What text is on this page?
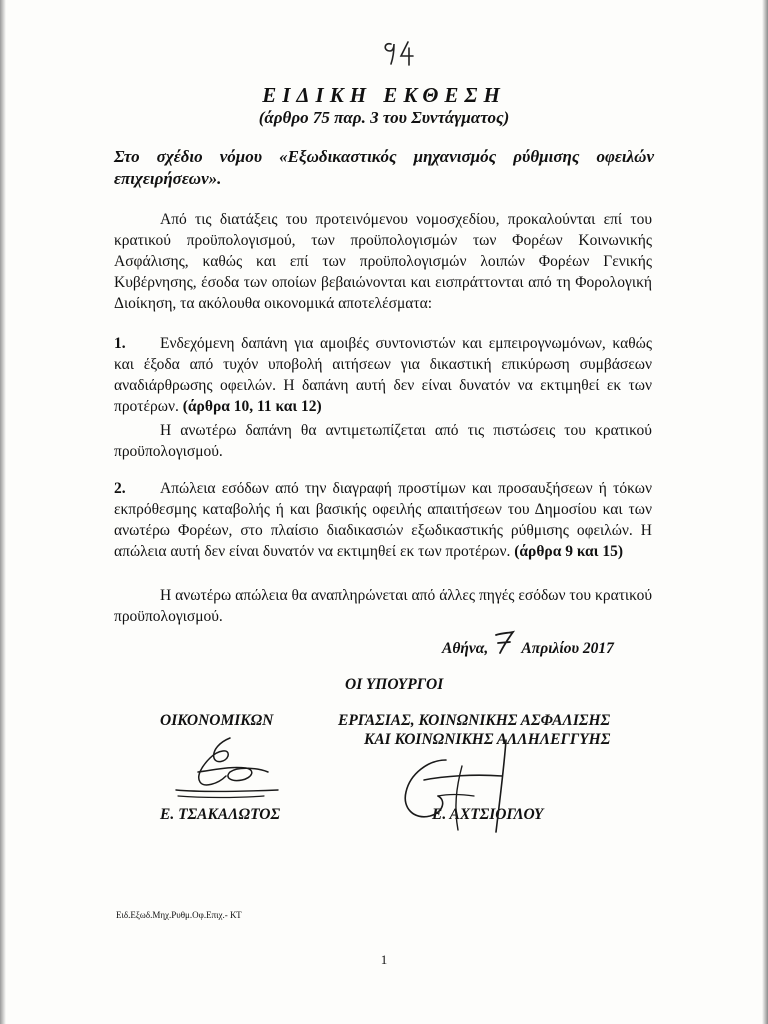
ΕΙΔΙΚΗ ΕΚΘΕΣΗ
(άρθρο 75 παρ. 3 του Συντάγματος)
Στο σχέδιο νόμου «Εξωδικαστικός μηχανισμός ρύθμισης οφειλών επιχειρήσεων».
Από τις διατάξεις του προτεινόμενου νομοσχεδίου, προκαλούνται επί του κρατικού προϋπολογισμού, των προϋπολογισμών των Φορέων Κοινωνικής Ασφάλισης, καθώς και επί των προϋπολογισμών λοιπών Φορέων Γενικής Κυβέρνησης, έσοδα των οποίων βεβαιώνονται και εισπράττονται από τη Φορολογική Διοίκηση, τα ακόλουθα οικονομικά αποτελέσματα:
1. Ενδεχόμενη δαπάνη για αμοιβές συντονιστών και εμπειρογνωμόνων, καθώς και έξοδα από τυχόν υποβολή αιτήσεων για δικαστική επικύρωση συμβάσεων αναδιάρθρωσης οφειλών. Η δαπάνη αυτή δεν είναι δυνατόν να εκτιμηθεί εκ των προτέρων. (άρθρα 10, 11 και 12)
Η ανωτέρω δαπάνη θα αντιμετωπίζεται από τις πιστώσεις του κρατικού προϋπολογισμού.
2. Απώλεια εσόδων από την διαγραφή προστίμων και προσαυξήσεων ή τόκων εκπρόθεσμης καταβολής ή και βασικής οφειλής απαιτήσεων του Δημοσίου και των ανωτέρω Φορέων, στο πλαίσιο διαδικασιών εξωδικαστικής ρύθμισης οφειλών. Η απώλεια αυτή δεν είναι δυνατόν να εκτιμηθεί εκ των προτέρων. (άρθρα 9 και 15)
Η ανωτέρω απώλεια θα αναπληρώνεται από άλλες πηγές εσόδων του κρατικού προϋπολογισμού.
Αθήνα, Απριλίου 2017
ΟΙ ΥΠΟΥΡΓΟΙ
ΟΙΚΟΝΟΜΙΚΩΝ
Ε. ΤΣΑΚΑΛΩΤΟΣ
ΕΡΓΑΣΙΑΣ, ΚΟΙΝΩΝΙΚΗΣ ΑΣΦΑΛΙΣΗΣ
ΚΑΙ ΚΟΙΝΩΝΙΚΗΣ ΑΛΛΗΛΕΓΓΥΗΣ
Ε. ΑΧΤΣΙΟΓΛΟΥ
Ειδ.Εξωδ.Μηχ.Ρυθμ.Οφ.Επιχ.- ΚΤ
1
